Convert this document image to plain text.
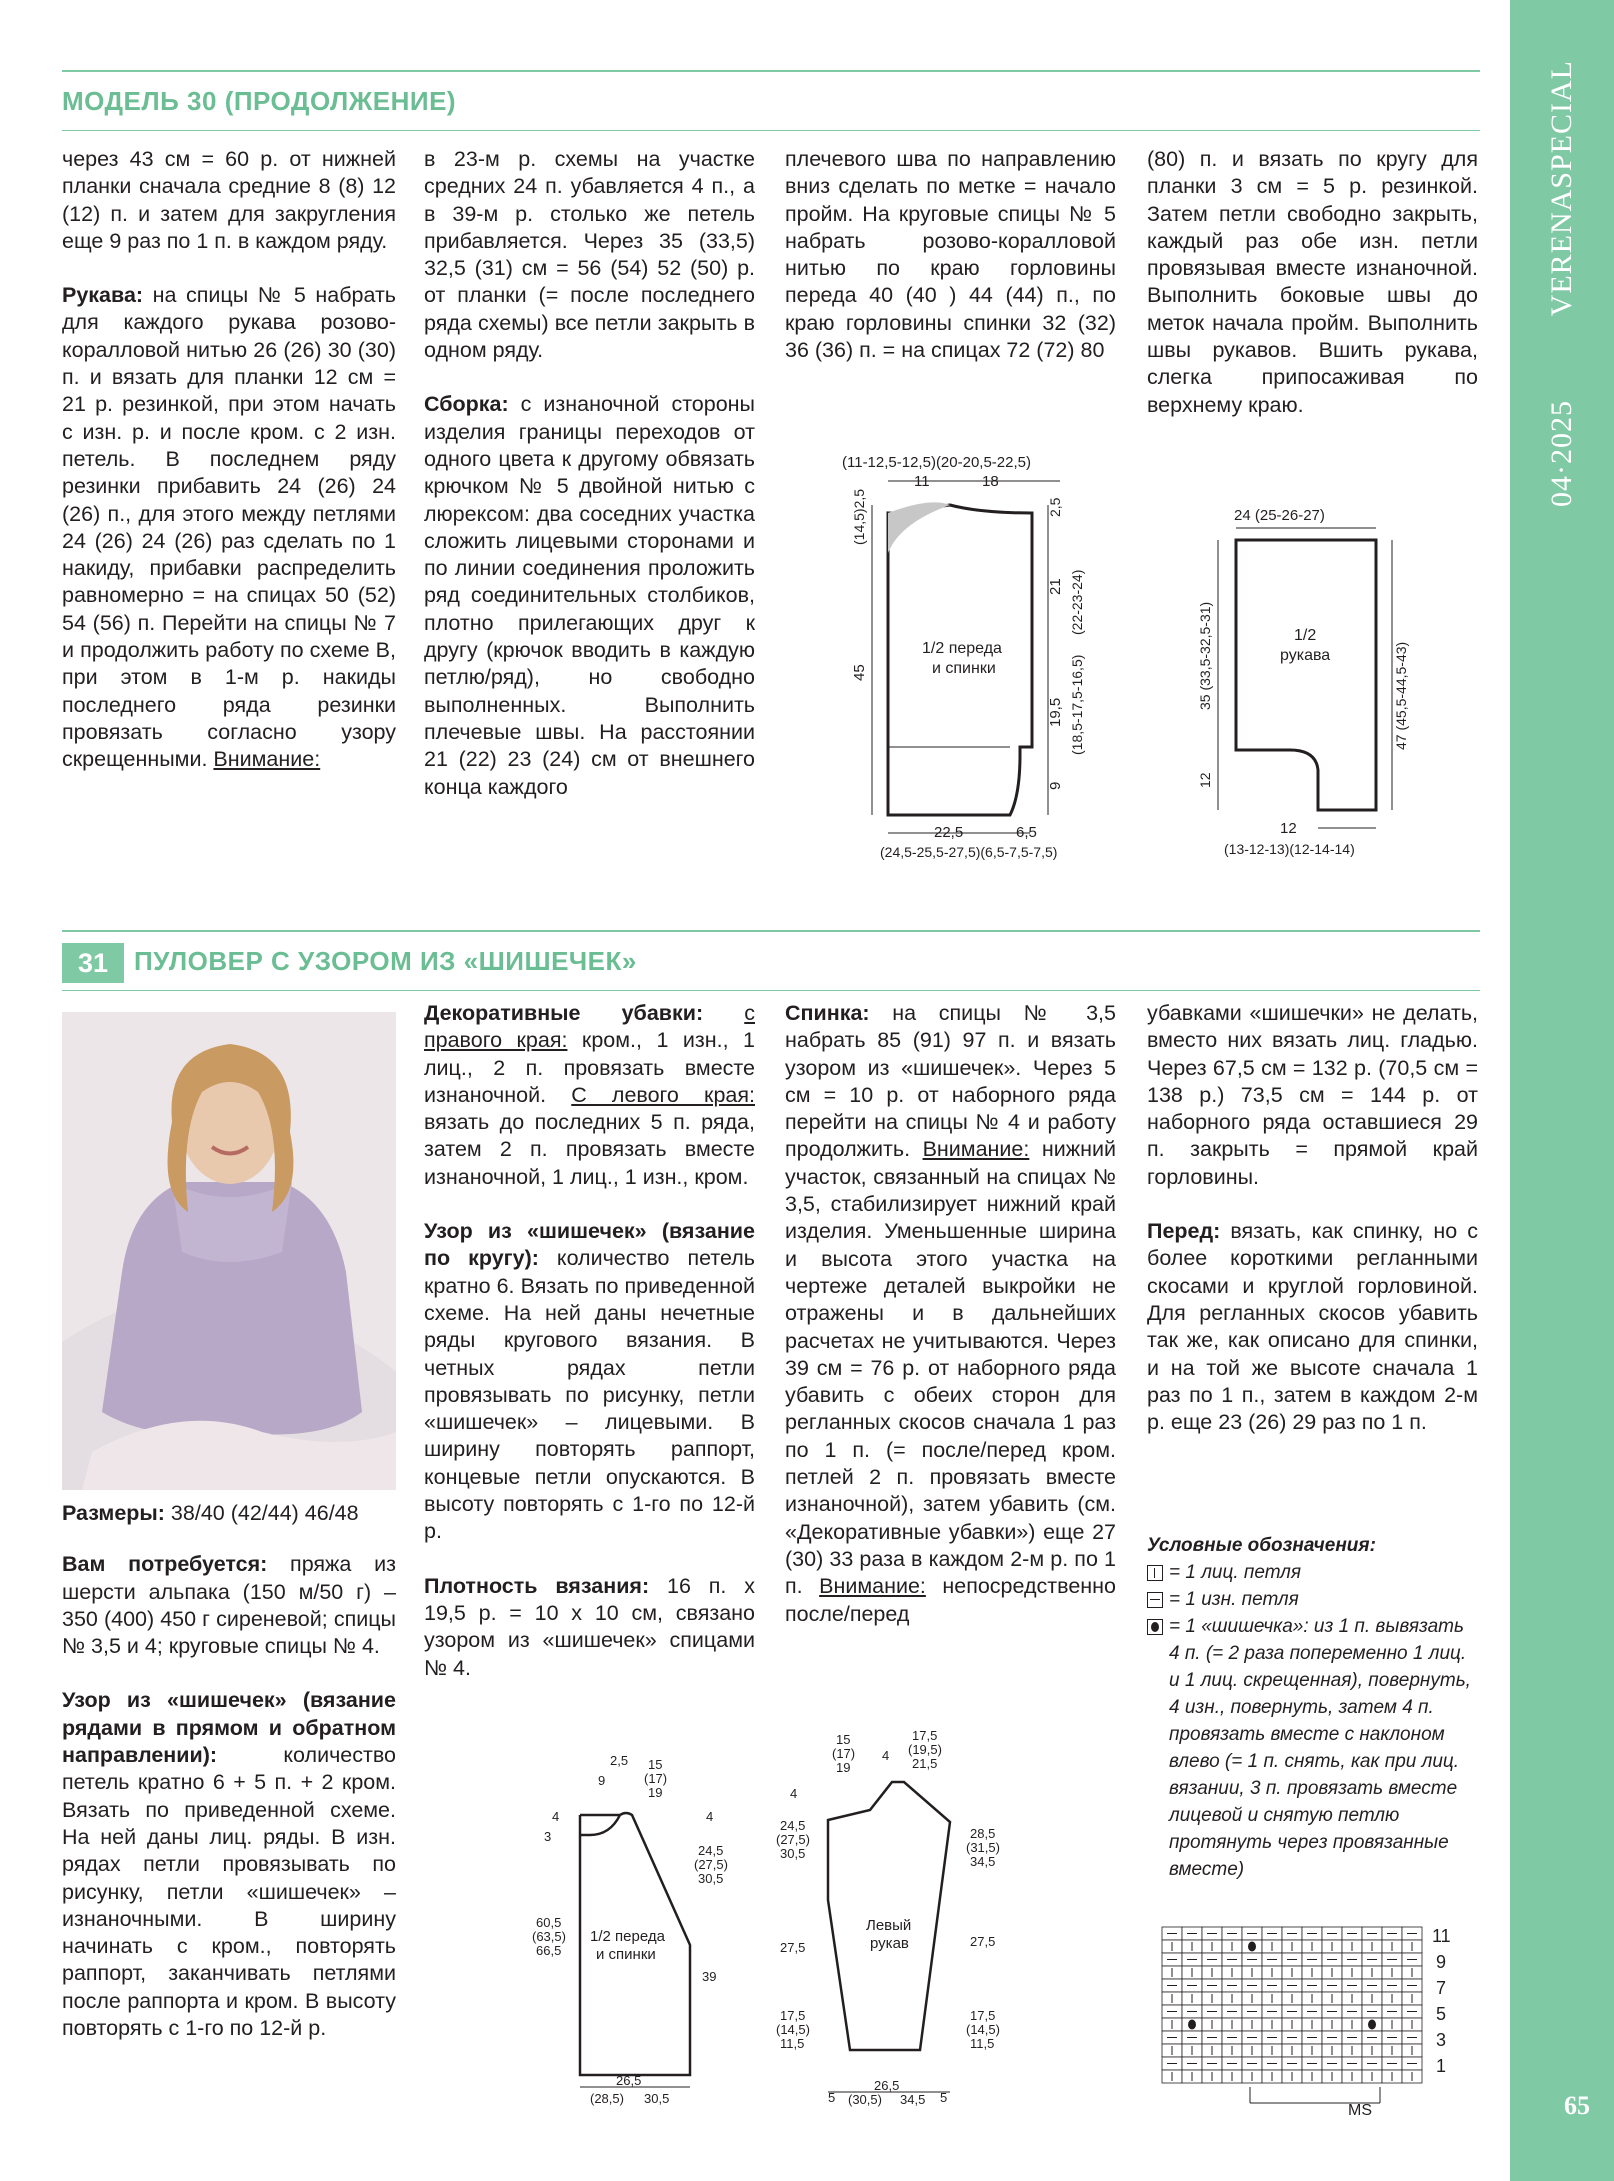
VERENASPECIAL
04·2025
65
МОДЕЛЬ 30 (ПРОДОЛЖЕНИЕ)

через 43 см = 60 р. от нижней планки сначала средние 8 (8) 12 (12) п. и затем для закругления еще 9 раз по 1 п. в каждом ряду.

Рукава: на спицы № 5 набрать для каждого рукава розово-коралловой нитью 26 (26) 30 (30) п. и вязать для планки 12 см = 21 р. резинкой, при этом начать с изн. р. и после кром. с 2 изн. петель. В последнем ряду резинки прибавить 24 (26) 24 (26) п., для этого между петлями 24 (26) 24 (26) раз сделать по 1 накиду, прибавки распределить равномерно = на спицах 50 (52) 54 (56) п. Перейти на спицы № 7 и продолжить работу по схеме В, при этом в 1-м р. накиды последнего ряда резинки провязать согласно узору скрещенными. Внимание:

в 23-м р. схемы на участке средних 24 п. убавляется 4 п., а в 39-м р. столько же петель прибавляется. Через 35 (33,5) 32,5 (31) см = 56 (54) 52 (50) р. от планки (= после последнего ряда схемы) все петли закрыть в одном ряду.

Сборка: с изнаночной стороны изделия границы переходов от одного цвета к другому обвязать крючком № 5 двойной нитью с люрексом: два соседних участка сложить лицевыми сторонами и по линии соединения проложить ряд соединительных столбиков, плотно прилегающих друг к другу (крючок вводить в каждую петлю/ряд), но свободно выполненных. Выполнить плечевые швы. На расстоянии 21 (22) 23 (24) см от внешнего конца каждого

плечевого шва по направлению вниз сделать по метке = начало пройм. На круговые спицы № 5 набрать розово-коралловой нитью по краю горловины переда 40 (40 ) 44 (44) п., по краю горловины спинки 32 (32) 36 (36) п. = на спицах 72 (72) 80

(80) п. и вязать по кругу для планки 3 см = 5 р. резинкой. Затем петли свободно закрыть, каждый раз обе изн. петли провязывая вместе изнаночной. Выполнить боковые швы до меток начала пройм. Выполнить швы рукавов. Вшить рукава, слегка припосаживая по верхнему краю.

(11-12,5-12,5)(20-20,5-22,5)
11	18
1/2 переда
и спинки
(14,5)2,5
45
2,5
21 (22-23-24)
19,5 (18,5-17,5-16,5)
9
22,5	6,5
(24,5-25,5-27,5)(6,5-7,5-7,5)
24 (25-26-27)
1/2
рукава
35 (33,5-32,5-31)
12
47 (45,5-44,5-43)
12
(13-12-13)(12-14-14)
31 ПУЛОВЕР С УЗОРОМ ИЗ «ШИШЕЧЕК»

Размеры: 38/40 (42/44) 46/48

Вам потребуется: пряжа из шерсти альпака (150 м/50 г) – 350 (400) 450 г сиреневой; спицы № 3,5 и 4; круговые спицы № 4.

Узор из «шишечек» (вязание рядами в прямом и обратном направлении): количество петель кратно 6 + 5 п. + 2 кром. Вязать по приведенной схеме. На ней даны лиц. ряды. В изн. рядах петли провязывать по рисунку, петли «шишечек» – изнаночными. В ширину начинать с кром., повторять раппорт, заканчивать петлями после раппорта и кром. В высоту повторять с 1-го по 12-й р.

Декоративные убавки: с правого края: кром., 1 изн., 1 лиц., 2 п. провязать вместе изнаночной. С левого края: вязать до последних 5 п. ряда, затем 2 п. провязать вместе изнаночной, 1 лиц., 1 изн., кром.

Узор из «шишечек» (вязание по кругу): количество петель кратно 6. Вязать по приведенной схеме. На ней даны нечетные ряды кругового вязания. В четных рядах петли провязывать по рисунку, петли «шишечек» – лицевыми. В ширину повторять раппорт, концевые петли опускаются. В высоту повторять с 1-го по 12-й р.

Плотность вязания: 16 п. х 19,5 р. = 10 х 10 см, связано узором из «шишечек» спицами № 4.

Спинка: на спицы № 3,5 набрать 85 (91) 97 п. и вязать узором из «шишечек». Через 5 см = 10 р. от наборного ряда перейти на спицы № 4 и работу продолжить. Внимание: нижний участок, связанный на спицах № 3,5, стабилизирует нижний край изделия. Уменьшенные ширина и высота этого участка на чертеже деталей выкройки не отражены и в дальнейших расчетах не учитываются. Через 39 см = 76 р. от наборного ряда убавить с обеих сторон для регланных скосов сначала 1 раз по 1 п. (= после/перед кром. петлей 2 п. провязать вместе изнаночной), затем убавить (см. «Декоративные убавки») еще 27 (30) 33 раза в каждом 2-м р. по 1 п. Внимание: непосредственно после/перед

убавками «шишечки» не делать, вместо них вязать лиц. гладью. Через 67,5 см = 132 р. (70,5 см = 138 р.) 73,5 см = 144 р. от наборного ряда оставшиеся 29 п. закрыть = прямой край горловины.

Перед: вязать, как спинку, но с более короткими регланными скосами и круглой горловиной. Для регланных скосов убавить так же, как описано для спинки, и на той же высоте сначала 1 раз по 1 п., затем в каждом 2-м р. еще 23 (26) 29 раз по 1 п.

Условные обозначения:
= 1 лиц. петля
= 1 изн. петля
= 1 «шишечка»: из 1 п. вывязать 4 п. (= 2 раза попеременно 1 лиц. и 1 лиц. скрещенная), повернуть, 4 изн., повернуть, затем 4 п. провязать вместе с наклоном влево (= 1 п. снять, как при лиц. вязании, 3 п. провязать вместе лицевой и снятую петлю протянуть через провязанные вместе)
11
9
7
5
3
1
MS
2,5 15
(17)
19
9
4
3
4
24,5
(27,5)
30,5
60,5
(63,5)
66,5
1/2 переда
и спинки
39
26,5
(28,5) 30,5
15
(17)
19
4
17,5
(19,5)
21,5
4
24,5
(27,5)
30,5
28,5
(31,5)
34,5
27,5	27,5
Левый
рукав
17,5
(14,5)
11,5
17,5
(14,5)
11,5
5
26,5
(30,5) 34,5 5
